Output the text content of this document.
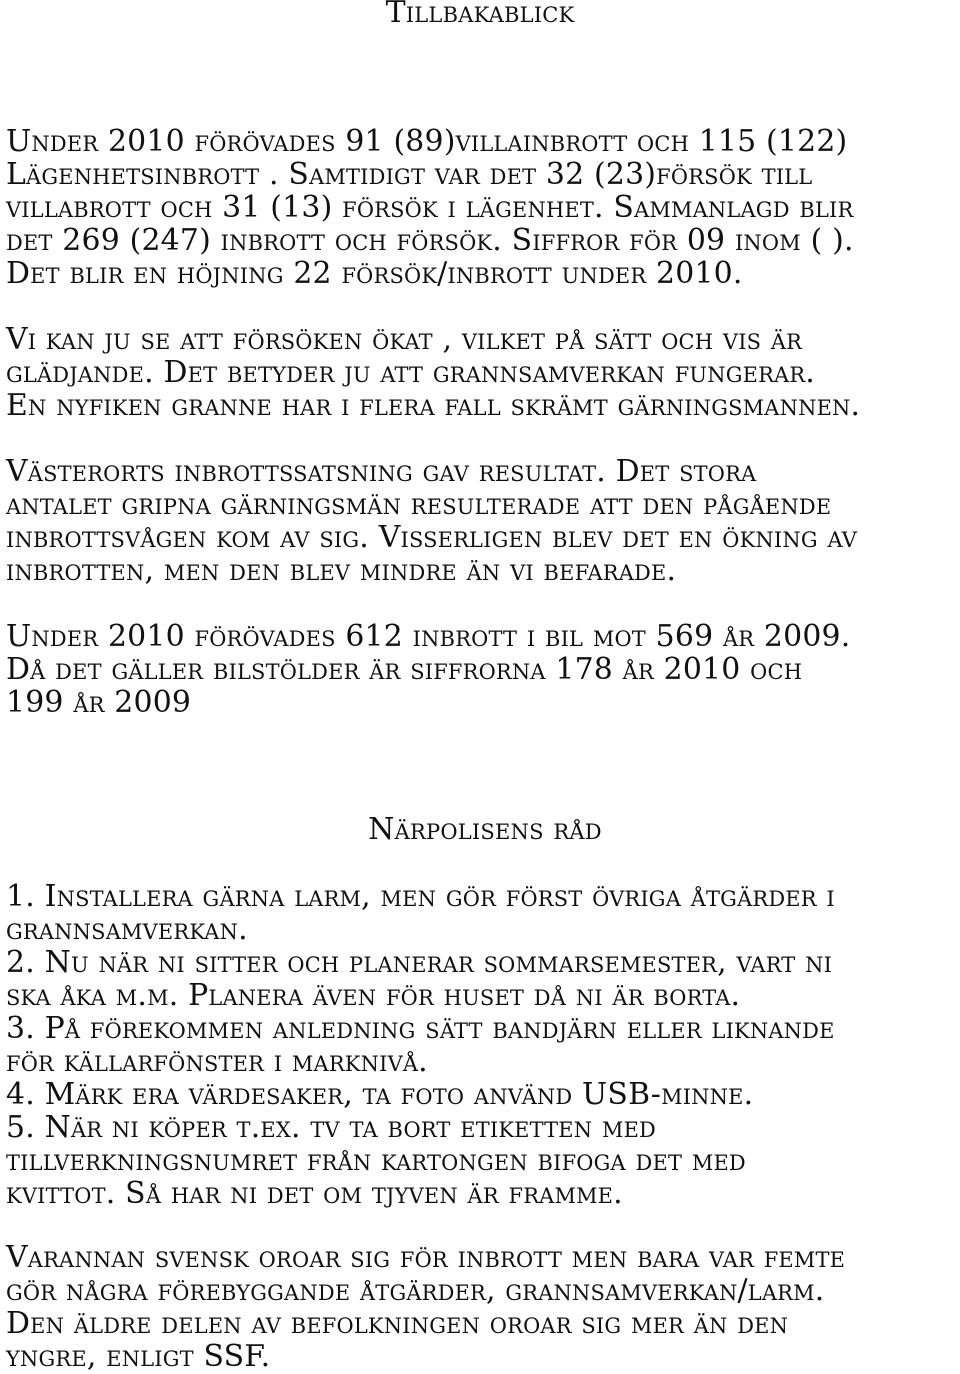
Tillbakablick

Under 2010 förövades 91 (89)villainbrott och 115 (122)
Lägenhetsinbrott . Samtidigt var det 32 (23)försök till
villabrott och 31 (13) försök i lägenhet. Sammanlagd blir
det 269 (247) inbrott och försök. Siffror för 09 inom ( ).
Det blir en höjning 22 försök/inbrott under 2010.
Vi kan ju se att försöken ökat , vilket på sätt och vis är
glädjande. Det betyder ju att grannsamverkan fungerar.
En nyfiken granne har i flera fall skrämt gärningsmannen.
Västerorts inbrottssatsning gav resultat. Det stora
antalet gripna gärningsmän resulterade att den pågående
inbrottsvågen kom av sig. Visserligen blev det en ökning av
inbrotten, men den blev mindre än vi befarade.
Under 2010 förövades 612 inbrott i bil mot 569 år 2009.
Då det gäller bilstölder är siffrorna 178 år 2010 och
199 år 2009

Närpolisens råd

1. Installera gärna larm, men gör först övriga åtgärder i
grannsamverkan.
2. Nu när ni sitter och planerar sommarsemester, vart ni
ska åka m.m. Planera även för huset då ni är borta.
3. På förekommen anledning sätt bandjärn eller liknande
för källarfönster i marknivå.
4. Märk era värdesaker, ta foto använd USB-minne.
5. När ni köper t.ex. tv ta bort etiketten med
tillverkningsnumret från kartongen bifoga det med
kvittot. Så har ni det om tjyven är framme.
Varannan svensk oroar sig för inbrott men bara var femte
gör några förebyggande åtgärder, grannsamverkan/larm.
Den äldre delen av befolkningen oroar sig mer än den
yngre, enligt SSF.
